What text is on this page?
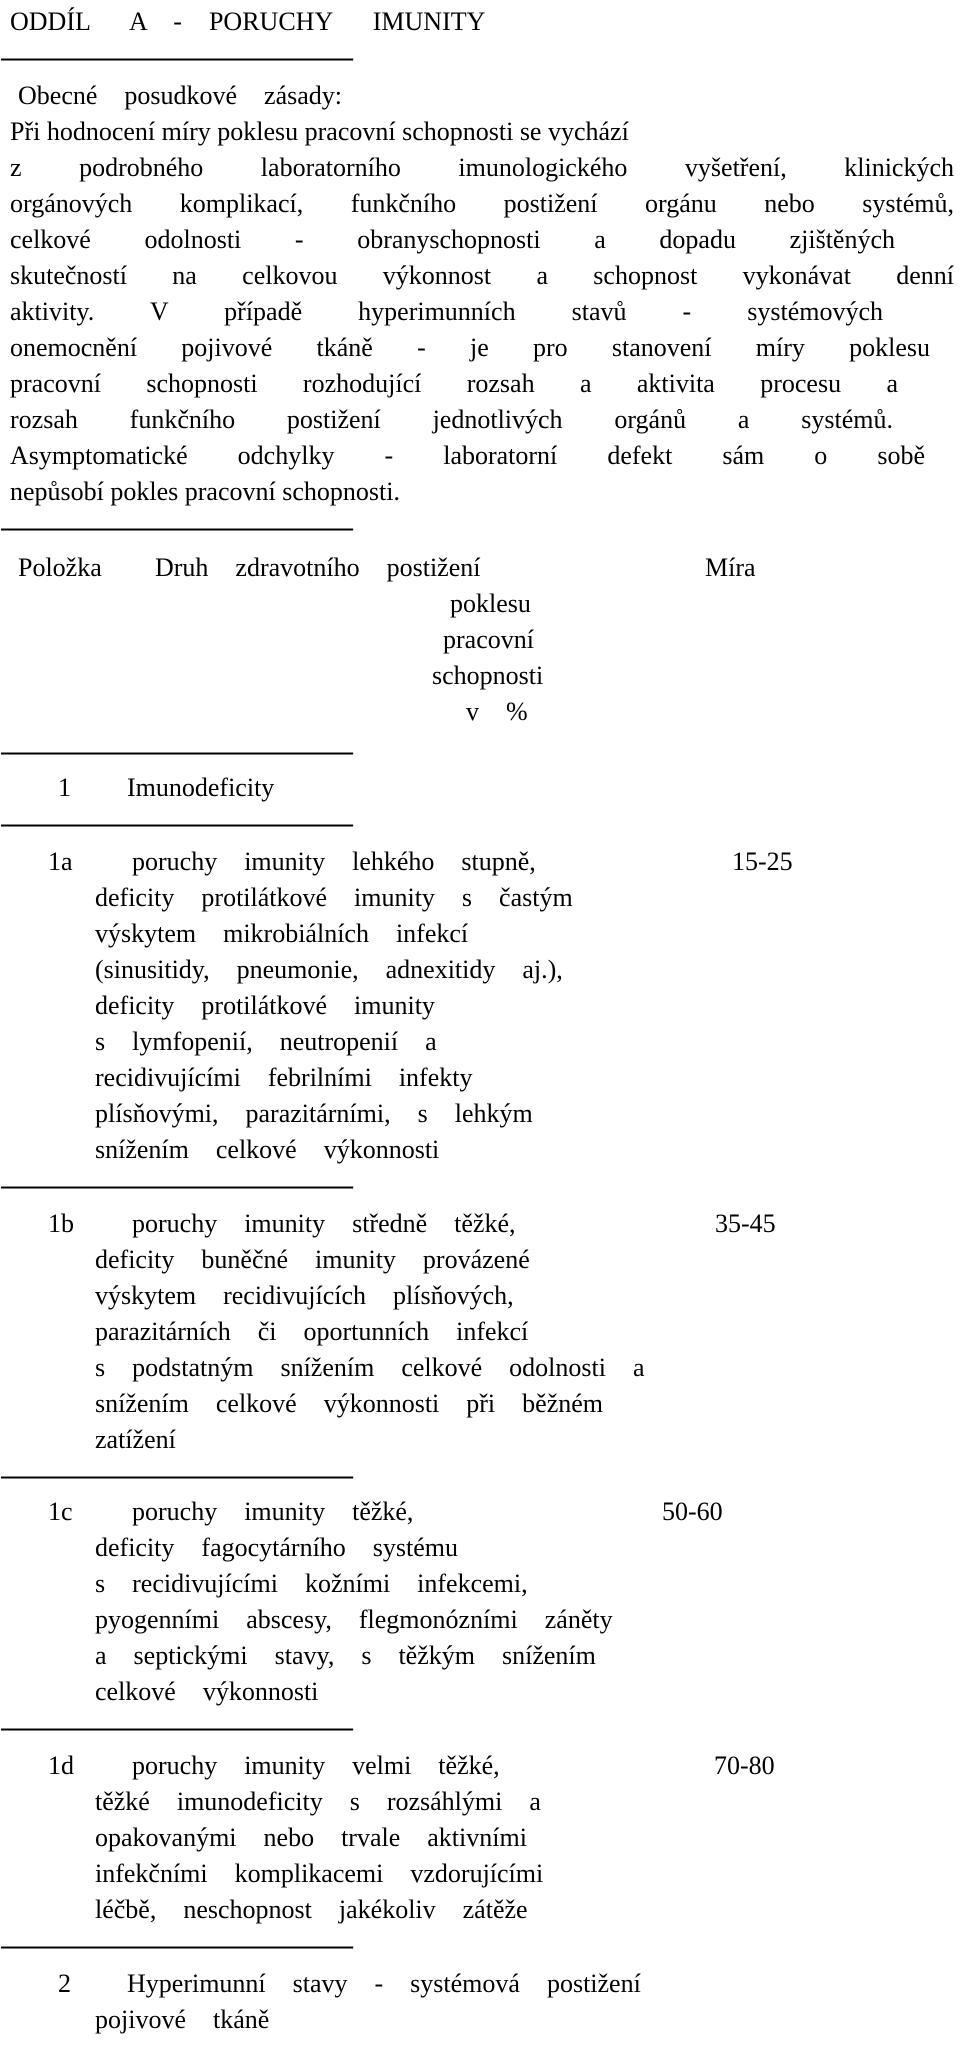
ODDÍL   A  -  PORUCHY   IMUNITY
-------------------------------------------------------------
Obecné  posudkové  zásady:
Při hodnocení míry poklesu pracovní schopnosti se vychází
z podrobného laboratorního imunologického vyšetření, klinických
orgánových komplikací, funkčního postižení orgánu nebo systémů,
celkové odolnosti - obranyschopnosti a dopadu zjištěných
skutečností na celkovou výkonnost a schopnost vykonávat denní
aktivity. V případě hyperimunních stavů - systémových
onemocnění pojivové tkáně - je pro stanovení míry poklesu
pracovní schopnosti rozhodující rozsah a aktivita procesu a
rozsah funkčního postižení jednotlivých orgánů a systémů.
Asymptomatické odchylky - laboratorní defekt sám o sobě
nepůsobí pokles pracovní schopnosti.
-------------------------------------------------------------
Položka Druh  zdravotního  postižení	Míra
poklesu
pracovní
schopnosti
v  %
-------------------------------------------------------------
1 Imunodeficity
-------------------------------------------------------------
1a poruchy  imunity  lehkého  stupně,	15-25
deficity  protilátkové  imunity  s  častým
výskytem  mikrobiálních  infekcí
(sinusitidy,  pneumonie,  adnexitidy  aj.),
deficity  protilátkové  imunity
s  lymfopenií,  neutropenií  a
recidivujícími  febrilními  infekty
plísňovými,  parazitárními,  s  lehkým
snížením  celkové  výkonnosti
-------------------------------------------------------------
1b poruchy  imunity  středně  těžké,	35-45
deficity  buněčné  imunity  provázené
výskytem  recidivujících  plísňových,
parazitárních  či  oportunních  infekcí
s  podstatným  snížením  celkové  odolnosti  a
snížením  celkové  výkonnosti  při  běžném
zatížení
-------------------------------------------------------------
1c poruchy  imunity  těžké,	50-60
deficity  fagocytárního  systému
s  recidivujícími  kožními  infekcemi,
pyogenními  abscesy,  flegmonózními  záněty
a  septickými  stavy,  s  těžkým  snížením
celkové  výkonnosti
-------------------------------------------------------------
1d poruchy  imunity  velmi  těžké,	70-80
těžké  imunodeficity  s  rozsáhlými  a
opakovanými  nebo  trvale  aktivními
infekčními  komplikacemi  vzdorujícími
léčbě,  neschopnost  jakékoliv  zátěže
-------------------------------------------------------------
2 Hyperimunní  stavy  -  systémová  postižení
pojivové  tkáně
